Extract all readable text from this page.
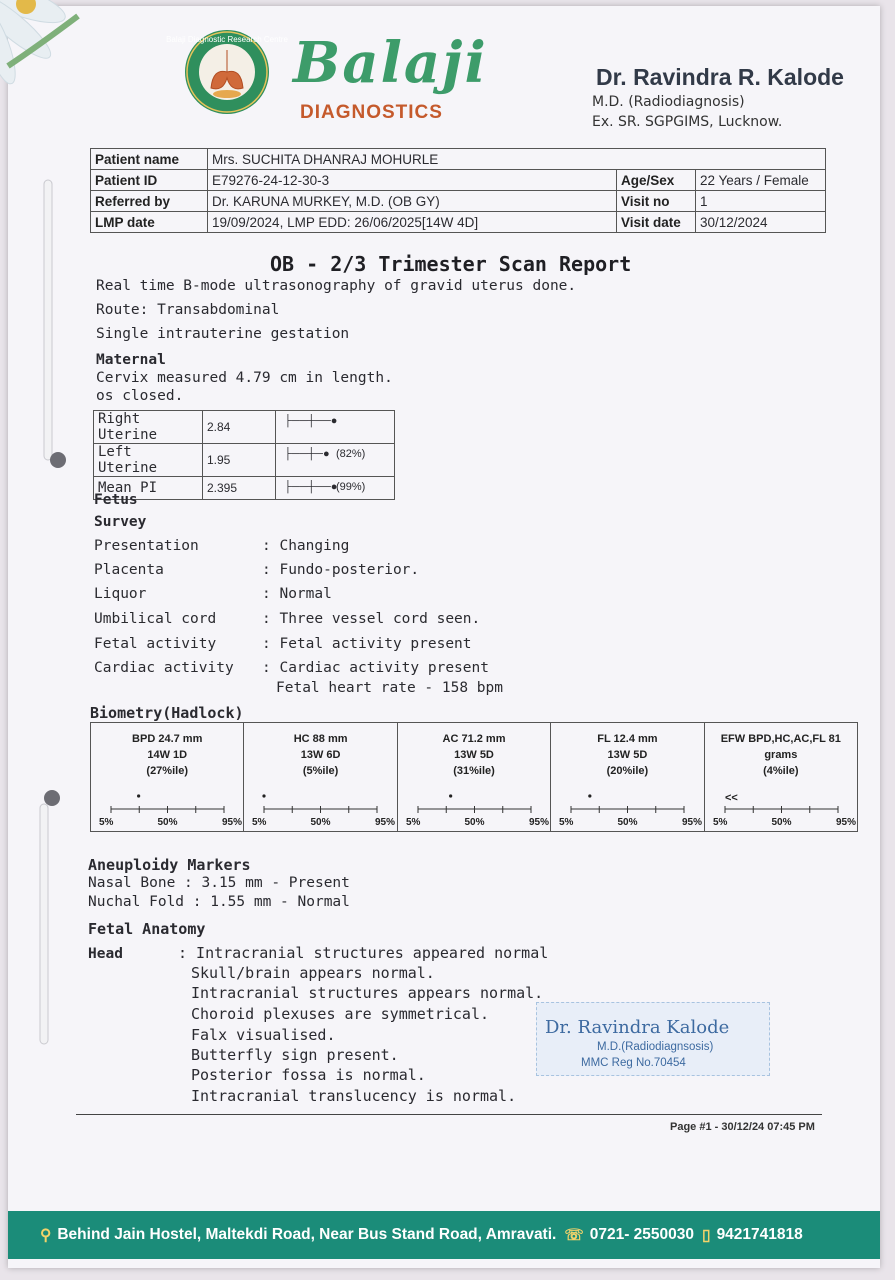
Balaji Diagnostic Research Centre Balaji
DIAGNOSTICS
Dr. Ravindra R. Kalode
M.D. (Radiodiagnosis)
Ex. SR. SGPGIMS, Lucknow.
Patient name	Mrs. SUCHITA DHANRAJ MOHURLE		
Patient ID	E79276-24-12-30-3	Age/Sex	22 Years / Female
Referred by	Dr. KARUNA MURKEY, M.D. (OB GY)	Visit no	1
LMP date	19/09/2024, LMP EDD: 26/06/2025[14W 4D]	Visit date	30/12/2024
OB - 2/3 Trimester Scan Report
Real time B-mode ultrasonography of gravid uterus done.
Route: Transabdominal
Single intrauterine gestation
Maternal
Cervix measured 4.79 cm in length.
os closed.
Right Uterine	2.84	├──┼──●

Left Uterine	1.95	├──┼─● (82%)

Mean PI	2.395	├──┼──●
(99%)
Fetus
Survey
Presentation	: Changing
Placenta	: Fundo-posterior.
Liquor	: Normal
Umbilical cord	: Three vessel cord seen.
Fetal activity	: Fetal activity present
Cardiac activity : Cardiac activity present
Fetal heart rate - 158 bpm
Biometry(Hadlock)
BPD 24.7 mm
14W 1D
(27%ile)
5%	50%	95%
HC 88 mm
13W 6D
(5%ile)
5%	50%	95%
AC 71.2 mm
13W 5D
(31%ile)
5%	50%	95%
FL 12.4 mm
13W 5D
(20%ile)
5%	50%	95%
EFW BPD,HC,AC,FL 81
grams
(4%ile)
5%	50%	95%
<<
Aneuploidy Markers
Nasal Bone : 3.15 mm - Present
Nuchal Fold : 1.55 mm - Normal
Fetal Anatomy
Head	: Intracranial structures appeared normal
Skull/brain appears normal.
Intracranial structures appears normal.
Choroid plexuses are symmetrical.
Falx visualised.
Butterfly sign present.
Posterior fossa is normal.
Intracranial translucency is normal.
Dr. Ravindra Kalode
M.D.(Radiodiagnsosis)
MMC Reg No.70454
Page #1 - 30/12/24 07:45 PM
⚲ Behind Jain Hostel, Maltekdi Road, Near Bus Stand Road, Amravati. ☏ 0721- 2550030 ▯ 9421741818
